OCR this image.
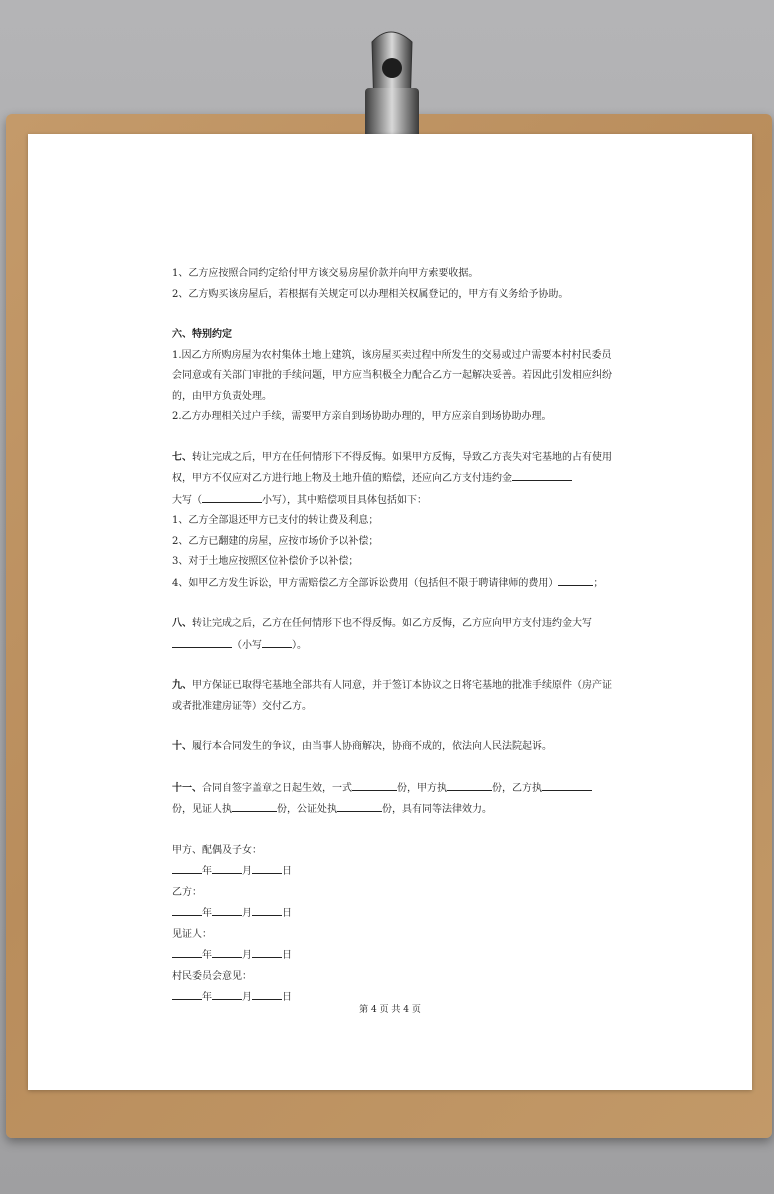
1、乙方应按照合同约定给付甲方该交易房屋价款并向甲方索要收据。

2、乙方购买该房屋后，若根据有关规定可以办理相关权属登记的，甲方有义务给予协助。

六、特别约定

1.因乙方所购房屋为农村集体土地上建筑，该房屋买卖过程中所发生的交易或过户需要本村村民委员会同意或有关部门审批的手续问题，甲方应当积极全力配合乙方一起解决妥善。若因此引发相应纠纷的，由甲方负责处理。

2.乙方办理相关过户手续，需要甲方亲自到场协助办理的，甲方应亲自到场协助办理。

七、转让完成之后，甲方在任何情形下不得反悔。如果甲方反悔，导致乙方丧失对宅基地的占有使用权，甲方不仅应对乙方进行地上物及土地升值的赔偿，还应向乙方支付违约金

大写（	小写），其中赔偿项目具体包括如下：

1、乙方全部退还甲方已支付的转让费及利息；

2、乙方已翻建的房屋，应按市场价予以补偿；

3、对于土地应按照区位补偿价予以补偿；

4、如甲乙方发生诉讼，甲方需赔偿乙方全部诉讼费用（包括但不限于聘请律师的费用）	；

八、转让完成之后，乙方在任何情形下也不得反悔。如乙方反悔，乙方应向甲方支付违约金大写

（小写	）。

九、甲方保证已取得宅基地全部共有人同意，并于签订本协议之日将宅基地的批准手续原件（房产证或者批准建房证等）交付乙方。

十、履行本合同发生的争议，由当事人协商解决，协商不成的，依法向人民法院起诉。

十一、合同自签字盖章之日起生效，一式	份，甲方执	份，乙方执

份，见证人执	份，公证处执	份，具有同等法律效力。

甲方、配偶及子女：

年	月	日

乙方：

年	月	日

见证人：

年	月	日

村民委员会意见：

年	月	日

第 4 页 共 4 页
